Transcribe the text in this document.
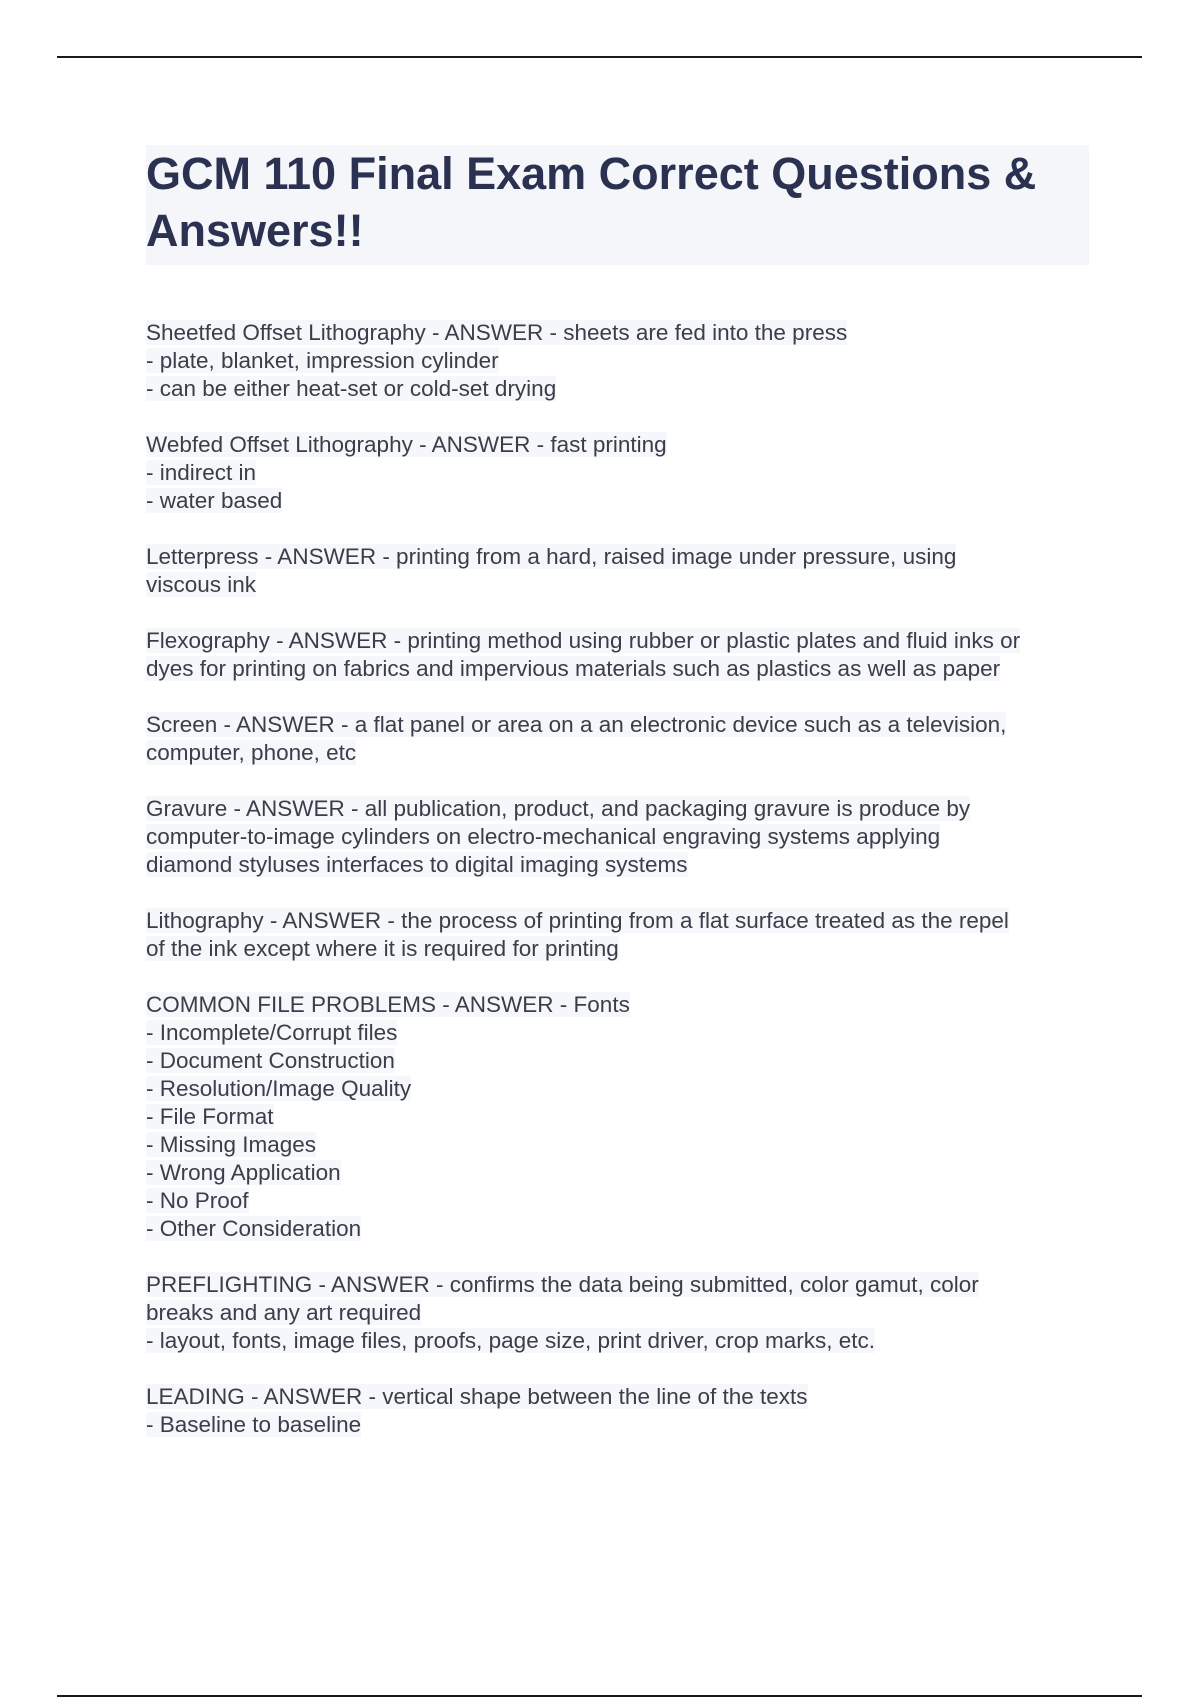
GCM 110 Final Exam Correct Questions & Answers!!
Sheetfed Offset Lithography - ANSWER - sheets are fed into the press
- plate, blanket, impression cylinder
- can be either heat-set or cold-set drying
Webfed Offset Lithography - ANSWER - fast printing
- indirect in
- water based
Letterpress - ANSWER - printing from a hard, raised image under pressure, using
viscous ink
Flexography - ANSWER - printing method using rubber or plastic plates and fluid inks or
dyes for printing on fabrics and impervious materials such as plastics as well as paper
Screen - ANSWER - a flat panel or area on a an electronic device such as a television,
computer, phone, etc
Gravure - ANSWER - all publication, product, and packaging gravure is produce by
computer-to-image cylinders on electro-mechanical engraving systems applying
diamond styluses interfaces to digital imaging systems
Lithography - ANSWER - the process of printing from a flat surface treated as the repel
of the ink except where it is required for printing
COMMON FILE PROBLEMS - ANSWER - Fonts
- Incomplete/Corrupt files
- Document Construction
- Resolution/Image Quality
- File Format
- Missing Images
- Wrong Application
- No Proof
- Other Consideration
PREFLIGHTING - ANSWER - confirms the data being submitted, color gamut, color
breaks and any art required
- layout, fonts, image files, proofs, page size, print driver, crop marks, etc.
LEADING - ANSWER - vertical shape between the line of the texts
- Baseline to baseline
